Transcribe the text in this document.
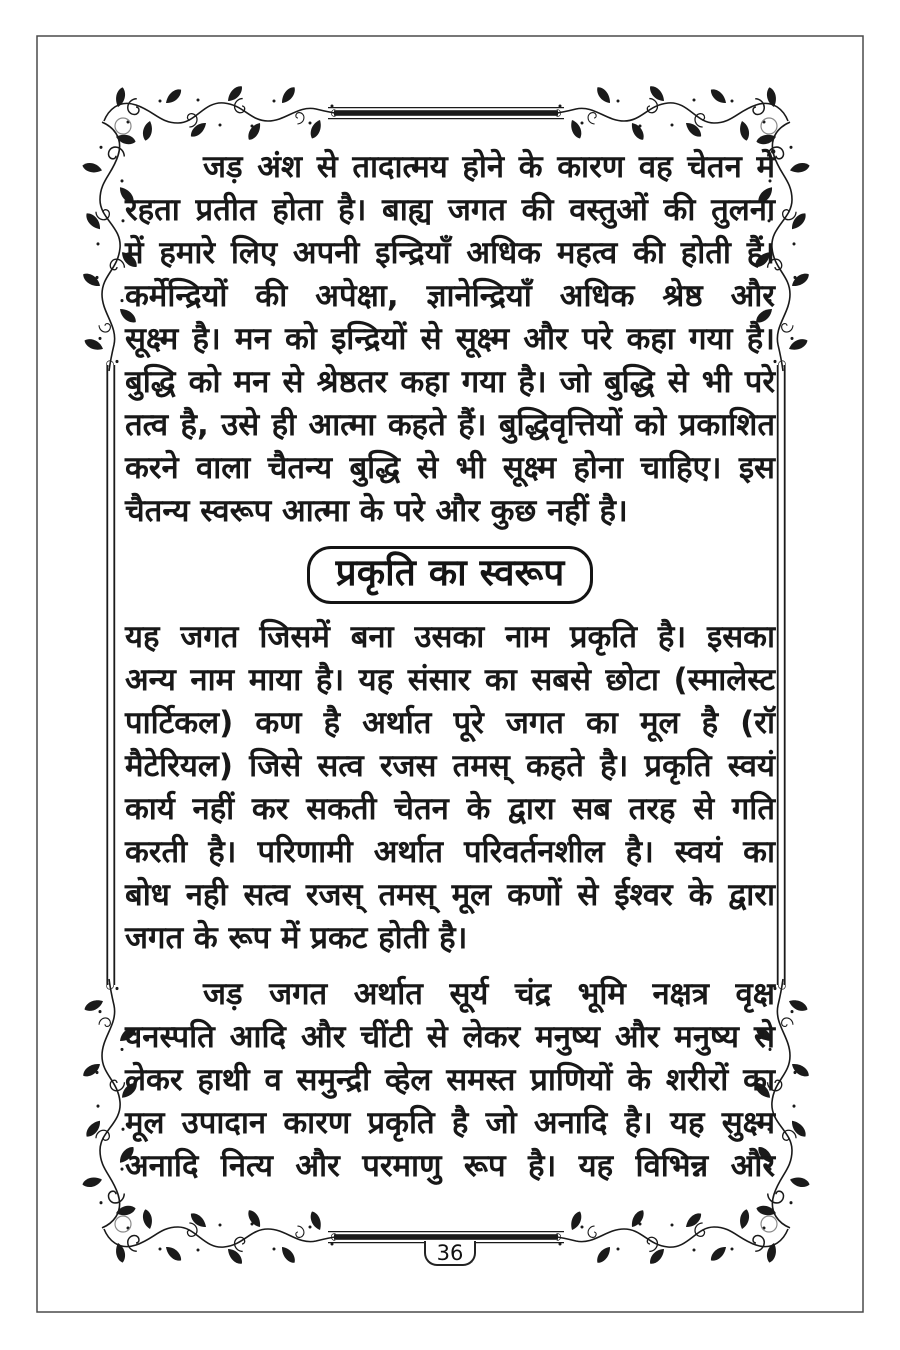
जड़ अंश से तादात्मय होने के कारण वह चेतन में
रहता प्रतीत होता है। बाह्य जगत की वस्तुओं की तुलना
में हमारे लिए अपनी इन्द्रियाँ अधिक महत्व की होती हैं।
कर्मेन्द्रियों की अपेक्षा, ज्ञानेन्द्रियाँ अधिक श्रेष्ठ और
सूक्ष्म है। मन को इन्द्रियों से सूक्ष्म और परे कहा गया है।
बुद्धि को मन से श्रेष्ठतर कहा गया है। जो बुद्धि से भी परे
तत्व है, उसे ही आत्मा कहते हैं। बुद्धिवृत्तियों को प्रकाशित
करने वाला चैतन्य बुद्धि से भी सूक्ष्म होना चाहिए। इस
चैतन्य स्वरूप आत्मा के परे और कुछ नहीं है।
प्रकृति का स्वरूप
यह जगत जिसमें बना उसका नाम प्रकृति है। इसका
अन्य नाम माया है। यह संसार का सबसे छोटा (स्मालेस्ट
पार्टिकल) कण है अर्थात पूरे जगत का मूल है (रॉ
मैटेरियल) जिसे सत्व रजस तमस् कहते है। प्रकृति स्वयं
कार्य नहीं कर सकती चेतन के द्वारा सब तरह से गति
करती है। परिणामी अर्थात परिवर्तनशील है। स्वयं का
बोध नही सत्व रजस् तमस् मूल कणों से ईश्वर के द्वारा
जगत के रूप में प्रकट होती है।
जड़ जगत अर्थात सूर्य चंद्र भूमि नक्षत्र वृक्ष
वनस्पति आदि और चींटी से लेकर मनुष्य और मनुष्य से
लेकर हाथी व समुन्द्री व्हेल समस्त प्राणियों के शरीरों का
मूल उपादान कारण प्रकृति है जो अनादि है। यह सुक्ष्म
अनादि नित्य और परमाणु रूप है। यह विभिन्न और
36
